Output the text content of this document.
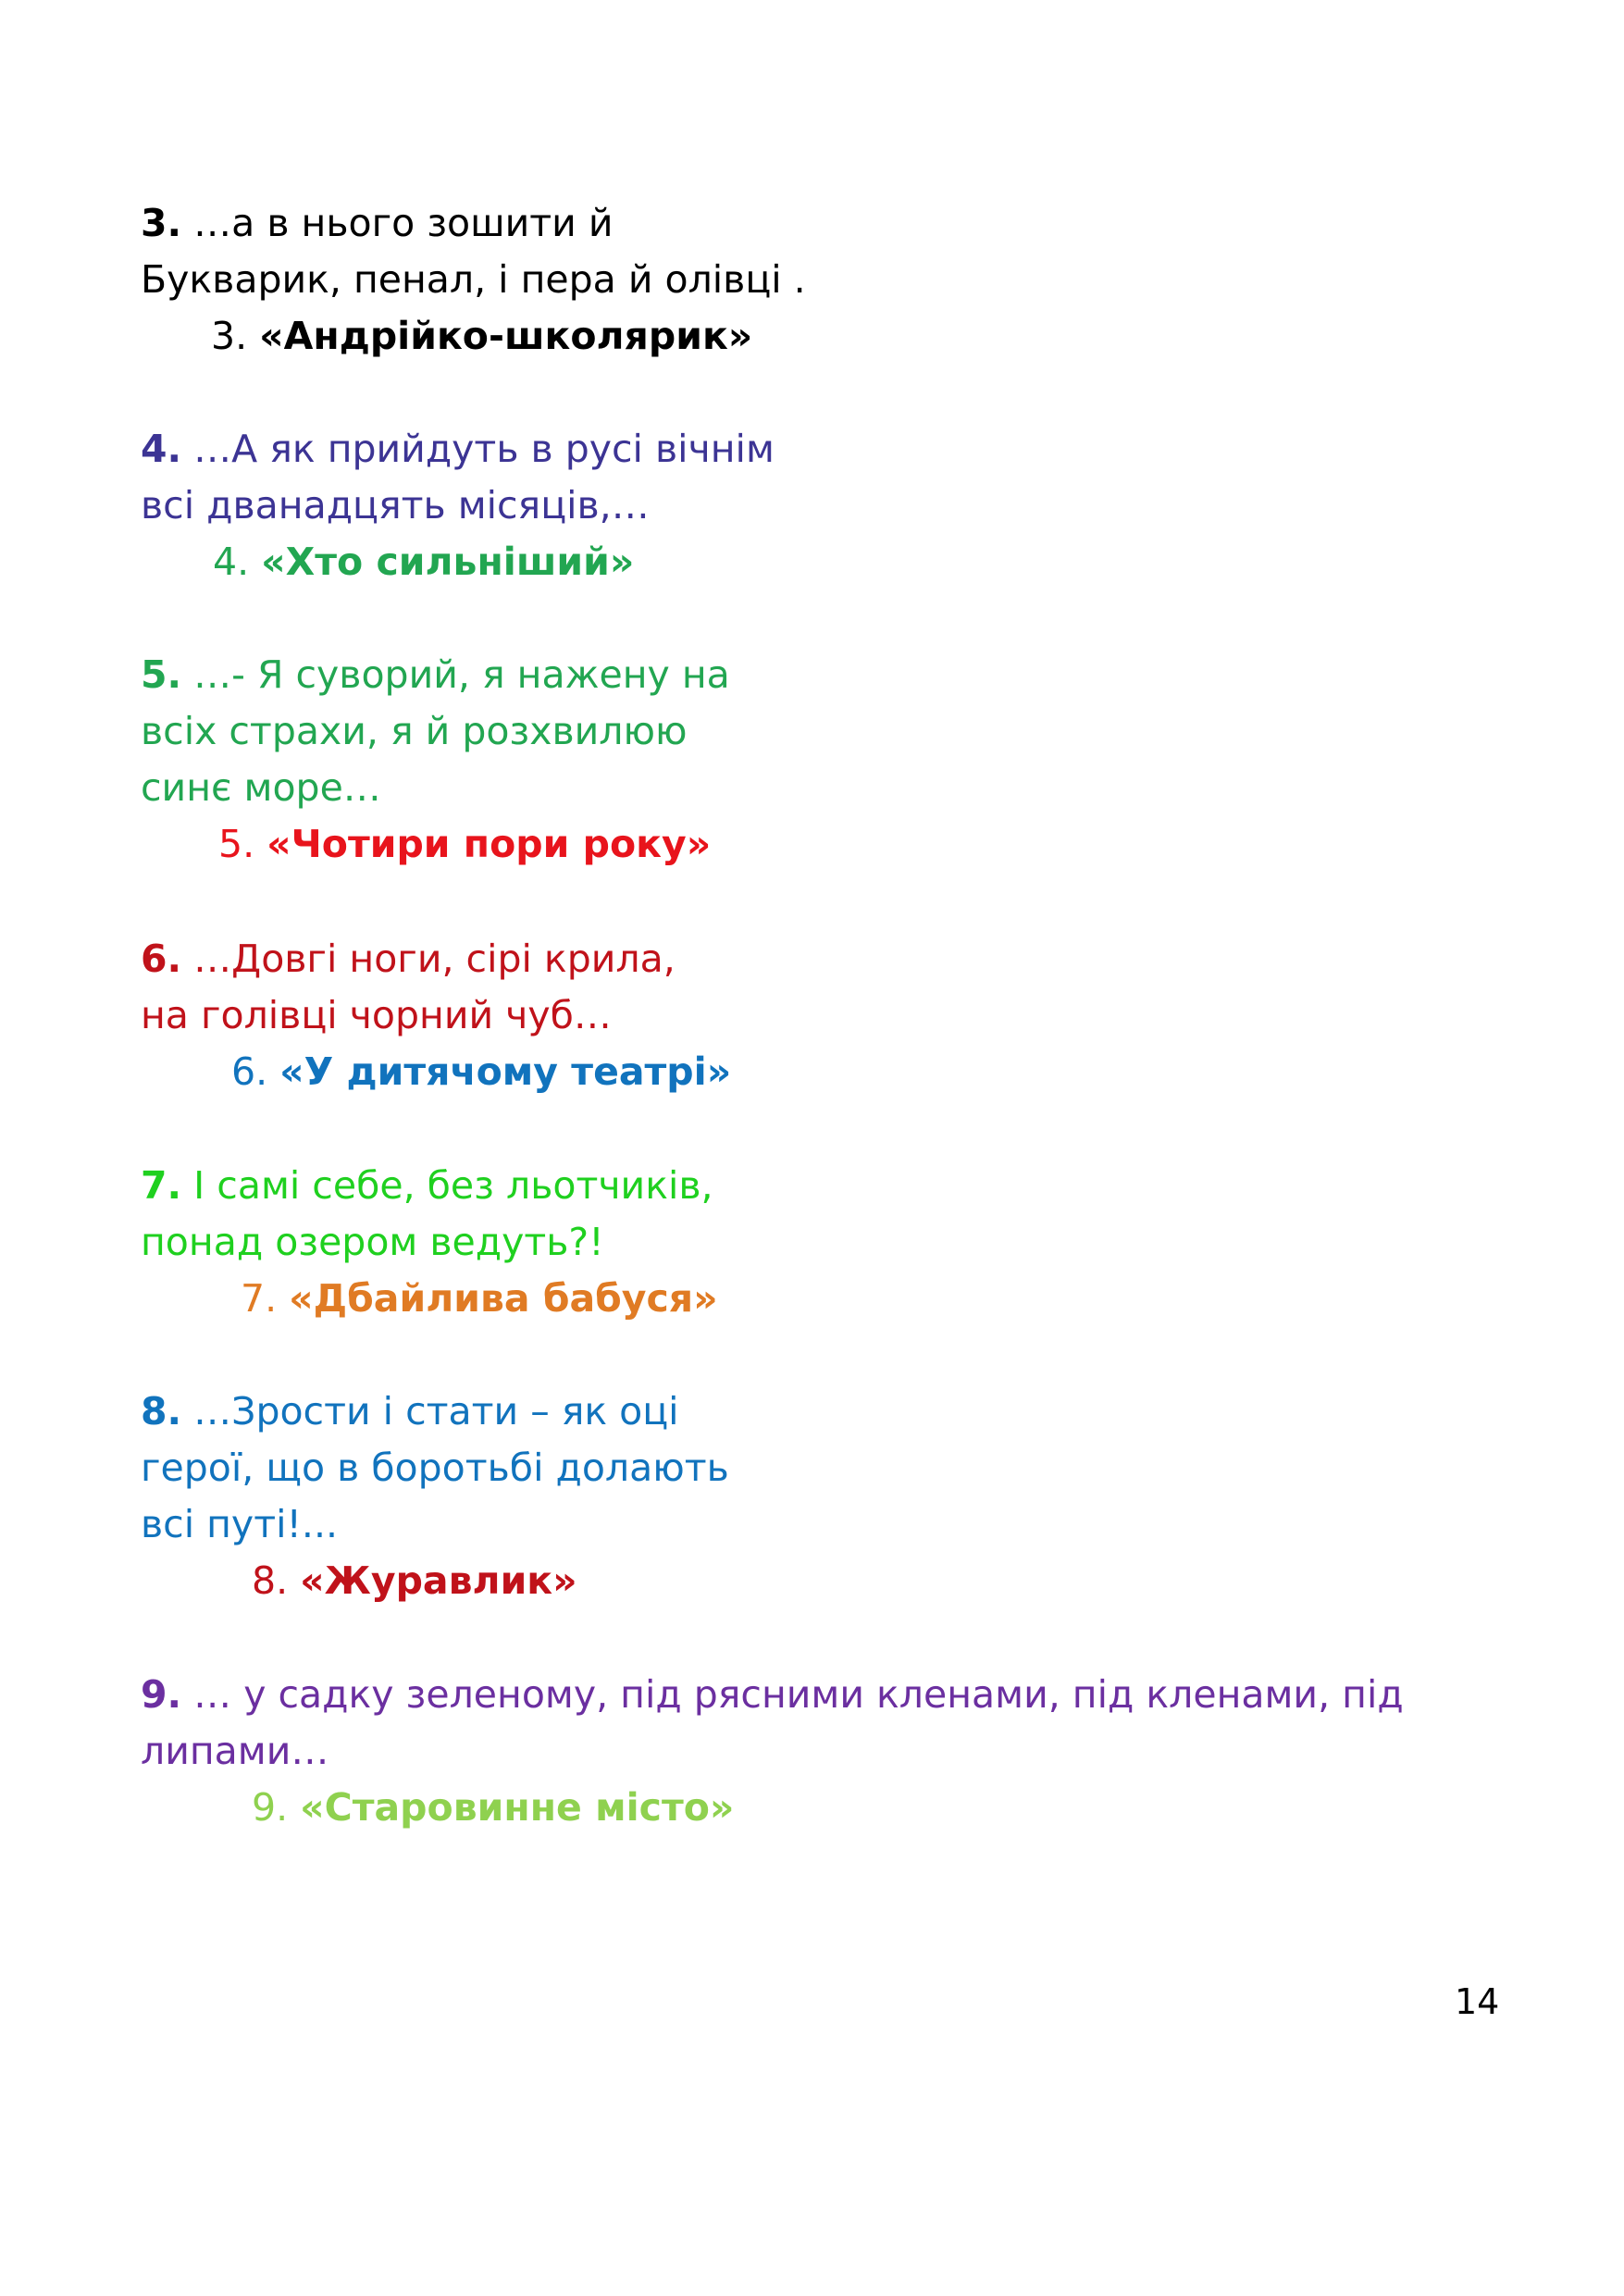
3. …а в нього зошити й
Букварик, пенал, і пера й олівці .
3. «Андрійко-школярик»
4. …А як прийдуть в русі вічнім
всі дванадцять місяців,…
4. «Хто сильніший»
5. …- Я суворий, я нажену на
всіх страхи, я й розхвилюю
синє море…
5. «Чотири пори року»
6. …Довгі ноги, сірі крила,
на голівці чорний чуб…
6. «У дитячому театрі»
7. І самі себе, без льотчиків,
понад озером ведуть?!
7. «Дбайлива бабуся»
8. …Зрости і стати – як оці
герої, що в боротьбі долають
всі путі!...
8. «Журавлик»
9. … у садку зеленому, під рясними кленами, під кленами, під
липами…
9. «Старовинне місто»
14
